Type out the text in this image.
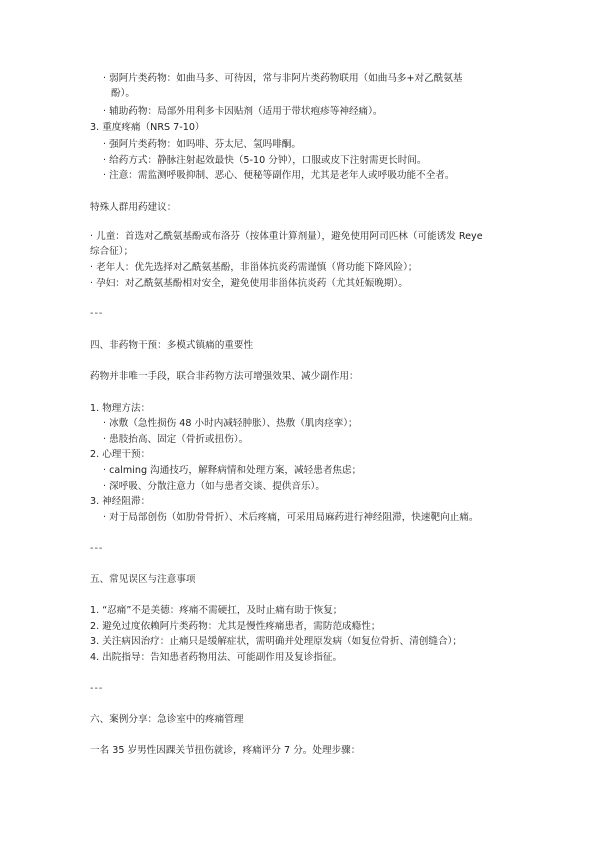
· 弱阿片类药物：如曲马多、可待因，常与非阿片类药物联用（如曲马多+对乙酰氨基
酚）。
· 辅助药物：局部外用利多卡因贴剂（适用于带状疱疹等神经痛）。
3. 重度疼痛（NRS 7-10）
· 强阿片类药物：如吗啡、芬太尼、氢吗啡酮。
· 给药方式：静脉注射起效最快（5-10 分钟），口服或皮下注射需更长时间。
· 注意：需监测呼吸抑制、恶心、便秘等副作用，尤其是老年人或呼吸功能不全者。
特殊人群用药建议：
· 儿童：首选对乙酰氨基酚或布洛芬（按体重计算剂量），避免使用阿司匹林（可能诱发 Reye
综合征）；
· 老年人：优先选择对乙酰氨基酚，非甾体抗炎药需谨慎（肾功能下降风险）；
· 孕妇：对乙酰氨基酚相对安全，避免使用非甾体抗炎药（尤其妊娠晚期）。
---
四、非药物干预：多模式镇痛的重要性
药物并非唯一手段，联合非药物方法可增强效果、减少副作用：
1. 物理方法：
· 冰敷（急性损伤 48 小时内减轻肿胀）、热敷（肌肉痉挛）；
· 患肢抬高、固定（骨折或扭伤）。
2. 心理干预：
· calming 沟通技巧，解释病情和处理方案，减轻患者焦虑；
· 深呼吸、分散注意力（如与患者交谈、提供音乐）。
3. 神经阻滞：
· 对于局部创伤（如肋骨骨折）、术后疼痛，可采用局麻药进行神经阻滞，快速靶向止痛。
---
五、常见误区与注意事项
1. “忍痛”不是美德：疼痛不需硬扛，及时止痛有助于恢复；
2. 避免过度依赖阿片类药物：尤其是慢性疼痛患者，需防范成瘾性；
3. 关注病因治疗：止痛只是缓解症状，需明确并处理原发病（如复位骨折、清创缝合）；
4. 出院指导：告知患者药物用法、可能副作用及复诊指征。
---
六、案例分享：急诊室中的疼痛管理
一名 35 岁男性因踝关节扭伤就诊，疼痛评分 7 分。处理步骤：
